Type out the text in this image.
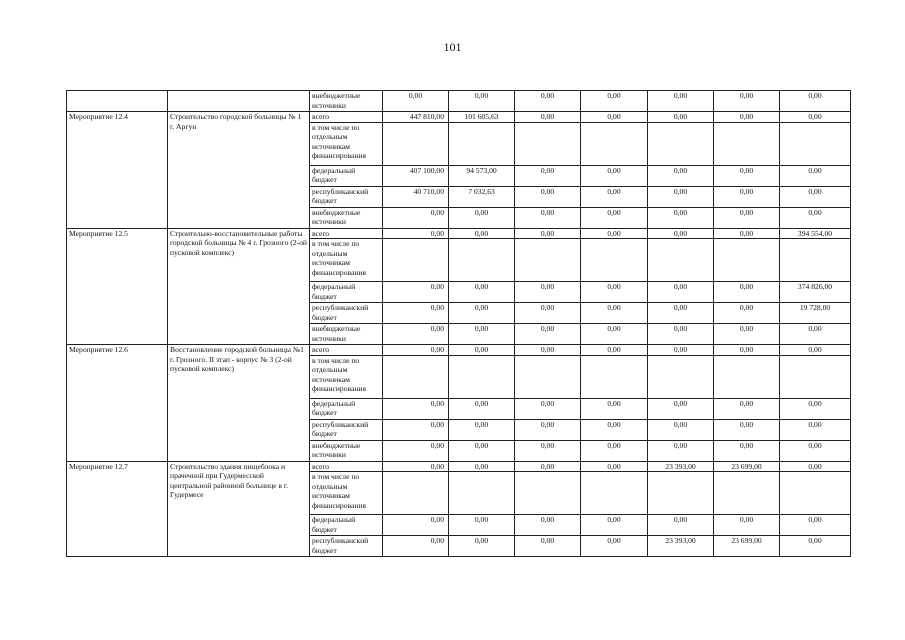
101
		внебюджетные источники	0,00	0,00	0,00	0,00	0,00	0,00	0,00
Мероприятие 12.4	Строительство городской больницы № 1 г. Аргун	всего	447 810,00	101 605,63	0,00	0,00	0,00	0,00	0,00
		в том числе по отдельным источникам финансирования							
		федеральный бюджет	407 100,00	94 573,00	0,00	0,00	0,00	0,00	0,00
		республиканский бюджет	40 710,00	7 032,63	0,00	0,00	0,00	0,00	0,00
		внебюджетные источники	0,00	0,00	0,00	0,00	0,00	0,00	0,00
Мероприятие 12.5	Строительно-восстановительные работы городской больницы № 4 г. Грозного (2-ой пусковой комплекс)	всего	0,00	0,00	0,00	0,00	0,00	0,00	394 554,00
		в том числе по отдельным источникам финансирования							
		федеральный бюджет	0,00	0,00	0,00	0,00	0,00	0,00	374 826,00
		республиканский бюджет	0,00	0,00	0,00	0,00	0,00	0,00	19 728,00
		внебюджетные источники	0,00	0,00	0,00	0,00	0,00	0,00	0,00
Мероприятие 12.6	Восстановление городской больницы №1 г. Грозного. II этап - корпус № 3 (2-ой пусковой комплекс)	всего	0,00	0,00	0,00	0,00	0,00	0,00	0,00
		в том числе по отдельным источникам финансирования							
		федеральный бюджет	0,00	0,00	0,00	0,00	0,00	0,00	0,00
		республиканский бюджет	0,00	0,00	0,00	0,00	0,00	0,00	0,00
		внебюджетные источники	0,00	0,00	0,00	0,00	0,00	0,00	0,00
Мероприятие 12.7	Строительство здания пищеблока и прачечной при Гудермесской центральной районной больнице в г. Гудермесе	всего	0,00	0,00	0,00	0,00	23 393,00	23 699,00	0,00
		в том числе по отдельным источникам финансирования							
		федеральный бюджет	0,00	0,00	0,00	0,00	0,00	0,00	0,00
		республиканский бюджет	0,00	0,00	0,00	0,00	23 393,00	23 699,00	0,00
